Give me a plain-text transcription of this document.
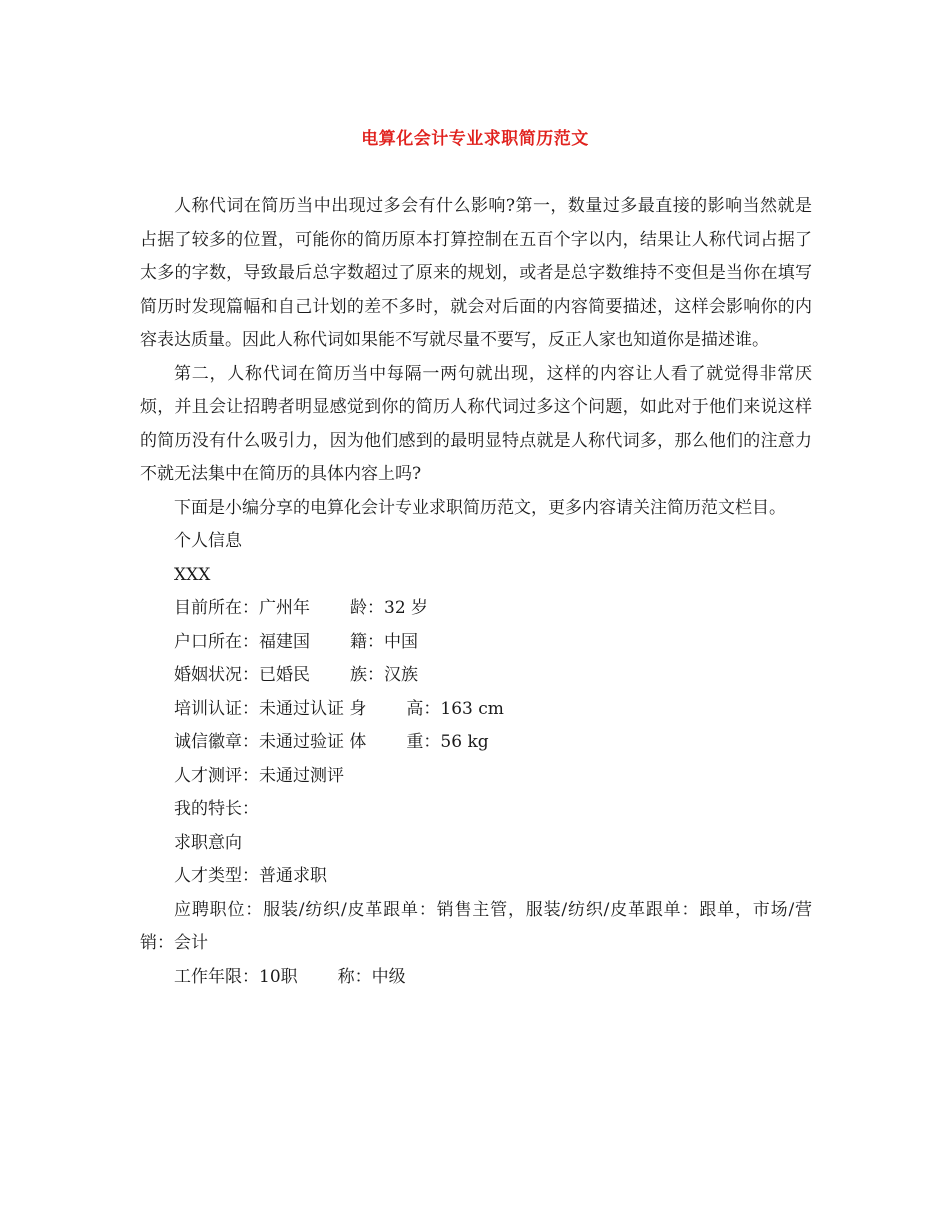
电算化会计专业求职简历范文

人称代词在简历当中出现过多会有什么影响?第一，数量过多最直接的影响当然就是占据了较多的位置，可能你的简历原本打算控制在五百个字以内，结果让人称代词占据了太多的字数，导致最后总字数超过了原来的规划，或者是总字数维持不变但是当你在填写简历时发现篇幅和自己计划的差不多时，就会对后面的内容简要描述，这样会影响你的内容表达质量。因此人称代词如果能不写就尽量不要写，反正人家也知道你是描述谁。

第二，人称代词在简历当中每隔一两句就出现，这样的内容让人看了就觉得非常厌烦，并且会让招聘者明显感觉到你的简历人称代词过多这个问题，如此对于他们来说这样的简历没有什么吸引力，因为他们感到的最明显特点就是人称代词多，那么他们的注意力不就无法集中在简历的具体内容上吗?

下面是小编分享的电算化会计专业求职简历范文，更多内容请关注简历范文栏目。

个人信息

XXX

目前所在：广州年 龄：32 岁

户口所在：福建国 籍：中国

婚姻状况：已婚民 族：汉族

培训认证：未通过认证 身 高：163 cm

诚信徽章：未通过验证 体 重：56 kg

人才测评：未通过测评

我的特长：

求职意向

人才类型：普通求职

应聘职位：服装/纺织/皮革跟单：销售主管，服装/纺织/皮革跟单：跟单，市场/营销：会计

工作年限：10职 称：中级
